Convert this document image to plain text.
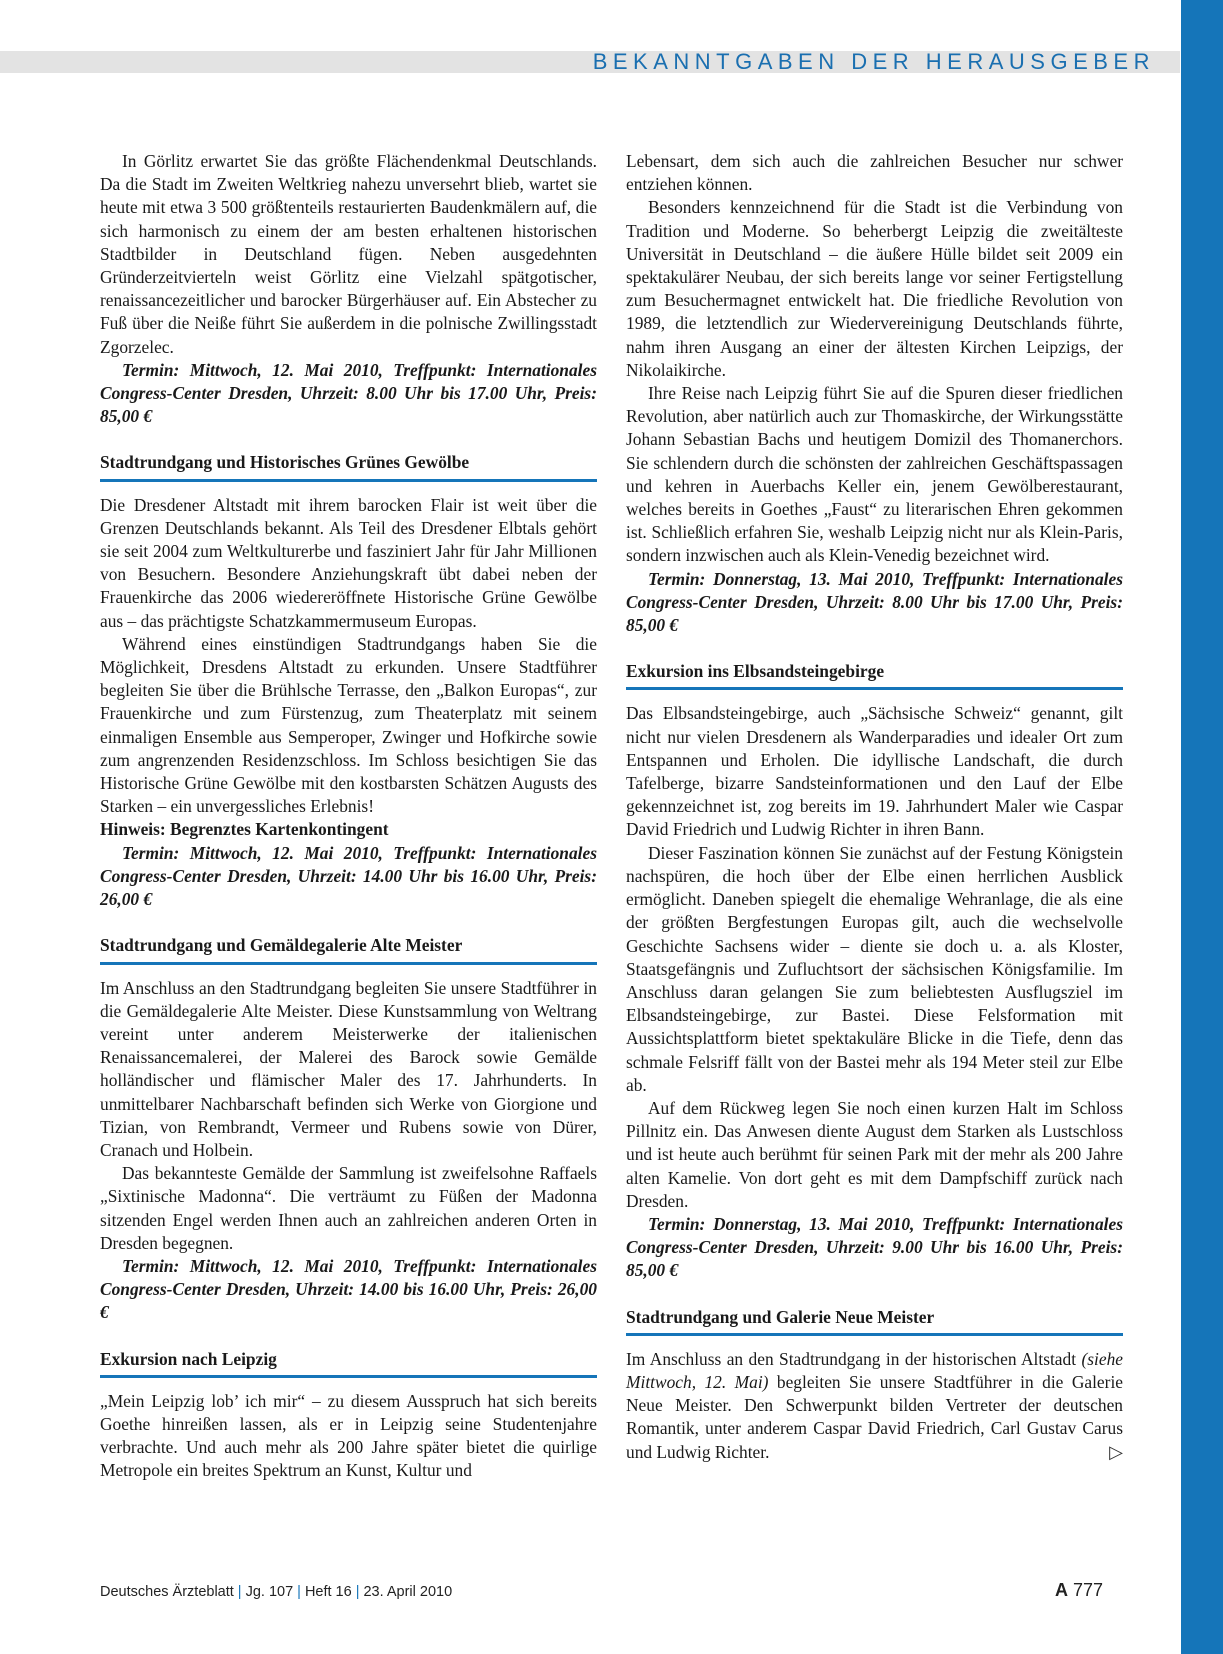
BEKANNTGABEN DER HERAUSGEBER

In Görlitz erwartet Sie das größte Flächendenkmal Deutschlands. Da die Stadt im Zweiten Weltkrieg nahezu unversehrt blieb, wartet sie heute mit etwa 3 500 größtenteils restaurierten Baudenkmälern auf, die sich harmonisch zu einem der am besten erhaltenen historischen Stadtbilder in Deutschland fügen. Neben ausgedehnten Gründerzeitvierteln weist Görlitz eine Vielzahl spätgotischer, renaissancezeitlicher und barocker Bürgerhäuser auf. Ein Abstecher zu Fuß über die Neiße führt Sie außerdem in die polnische Zwillingsstadt Zgorzelec.

Termin: Mittwoch, 12. Mai 2010, Treffpunkt: Internationales Congress-Center Dresden, Uhrzeit: 8.00 Uhr bis 17.00 Uhr, Preis: 85,00 €

Stadtrundgang und Historisches Grünes Gewölbe

Die Dresdener Altstadt mit ihrem barocken Flair ist weit über die Grenzen Deutschlands bekannt. Als Teil des Dresdener Elbtals gehört sie seit 2004 zum Weltkulturerbe und fasziniert Jahr für Jahr Millionen von Besuchern. Besondere Anziehungskraft übt dabei neben der Frauenkirche das 2006 wiedereröffnete Historische Grüne Gewölbe aus – das prächtigste Schatzkammermuseum Europas.

Während eines einstündigen Stadtrundgangs haben Sie die Möglichkeit, Dresdens Altstadt zu erkunden. Unsere Stadtführer begleiten Sie über die Brühlsche Terrasse, den „Balkon Europas“, zur Frauenkirche und zum Fürstenzug, zum Theaterplatz mit seinem einmaligen Ensemble aus Semperoper, Zwinger und Hofkirche sowie zum angrenzenden Residenzschloss. Im Schloss besichtigen Sie das Historische Grüne Gewölbe mit den kostbarsten Schätzen Augusts des Starken – ein unvergessliches Erlebnis!

Hinweis: Begrenztes Kartenkontingent

Termin: Mittwoch, 12. Mai 2010, Treffpunkt: Internationales Congress-Center Dresden, Uhrzeit: 14.00 Uhr bis 16.00 Uhr, Preis: 26,00 €

Stadtrundgang und Gemäldegalerie Alte Meister

Im Anschluss an den Stadtrundgang begleiten Sie unsere Stadtführer in die Gemäldegalerie Alte Meister. Diese Kunstsammlung von Weltrang vereint unter anderem Meisterwerke der italienischen Renaissancemalerei, der Malerei des Barock sowie Gemälde holländischer und flämischer Maler des 17. Jahrhunderts. In unmittelbarer Nachbarschaft befinden sich Werke von Giorgione und Tizian, von Rembrandt, Vermeer und Rubens sowie von Dürer, Cranach und Holbein.

Das bekannteste Gemälde der Sammlung ist zweifelsohne Raffaels „Sixtinische Madonna“. Die verträumt zu Füßen der Madonna sitzenden Engel werden Ihnen auch an zahlreichen anderen Orten in Dresden begegnen.

Termin: Mittwoch, 12. Mai 2010, Treffpunkt: Internationales Congress-Center Dresden, Uhrzeit: 14.00 bis 16.00 Uhr, Preis: 26,00 €

Exkursion nach Leipzig

„Mein Leipzig lob’ ich mir“ – zu diesem Ausspruch hat sich bereits Goethe hinreißen lassen, als er in Leipzig seine Studentenjahre verbrachte. Und auch mehr als 200 Jahre später bietet die quirlige Metropole ein breites Spektrum an Kunst, Kultur und

Lebensart, dem sich auch die zahlreichen Besucher nur schwer entziehen können.

Besonders kennzeichnend für die Stadt ist die Verbindung von Tradition und Moderne. So beherbergt Leipzig die zweitälteste Universität in Deutschland – die äußere Hülle bildet seit 2009 ein spektakulärer Neubau, der sich bereits lange vor seiner Fertigstellung zum Besuchermagnet entwickelt hat. Die friedliche Revolution von 1989, die letztendlich zur Wiedervereinigung Deutschlands führte, nahm ihren Ausgang an einer der ältesten Kirchen Leipzigs, der Nikolaikirche.

Ihre Reise nach Leipzig führt Sie auf die Spuren dieser friedlichen Revolution, aber natürlich auch zur Thomaskirche, der Wirkungsstätte Johann Sebastian Bachs und heutigem Domizil des Thomanerchors. Sie schlendern durch die schönsten der zahlreichen Geschäftspassagen und kehren in Auerbachs Keller ein, jenem Gewölberestaurant, welches bereits in Goethes „Faust“ zu literarischen Ehren gekommen ist. Schließlich erfahren Sie, weshalb Leipzig nicht nur als Klein-Paris, sondern inzwischen auch als Klein-Venedig bezeichnet wird.

Termin: Donnerstag, 13. Mai 2010, Treffpunkt: Internationales Congress-Center Dresden, Uhrzeit: 8.00 Uhr bis 17.00 Uhr, Preis: 85,00 €

Exkursion ins Elbsandsteingebirge

Das Elbsandsteingebirge, auch „Sächsische Schweiz“ genannt, gilt nicht nur vielen Dresdenern als Wanderparadies und idealer Ort zum Entspannen und Erholen. Die idyllische Landschaft, die durch Tafelberge, bizarre Sandsteinformationen und den Lauf der Elbe gekennzeichnet ist, zog bereits im 19. Jahrhundert Maler wie Caspar David Friedrich und Ludwig Richter in ihren Bann.

Dieser Faszination können Sie zunächst auf der Festung Königstein nachspüren, die hoch über der Elbe einen herrlichen Ausblick ermöglicht. Daneben spiegelt die ehemalige Wehranlage, die als eine der größten Bergfestungen Europas gilt, auch die wechselvolle Geschichte Sachsens wider – diente sie doch u. a. als Kloster, Staatsgefängnis und Zufluchtsort der sächsischen Königsfamilie. Im Anschluss daran gelangen Sie zum beliebtesten Ausflugsziel im Elbsandsteingebirge, zur Bastei. Diese Felsformation mit Aussichtsplattform bietet spektakuläre Blicke in die Tiefe, denn das schmale Felsriff fällt von der Bastei mehr als 194 Meter steil zur Elbe ab.

Auf dem Rückweg legen Sie noch einen kurzen Halt im Schloss Pillnitz ein. Das Anwesen diente August dem Starken als Lustschloss und ist heute auch berühmt für seinen Park mit der mehr als 200 Jahre alten Kamelie. Von dort geht es mit dem Dampfschiff zurück nach Dresden.

Termin: Donnerstag, 13. Mai 2010, Treffpunkt: Internationales Congress-Center Dresden, Uhrzeit: 9.00 Uhr bis 16.00 Uhr, Preis: 85,00 €

Stadtrundgang und Galerie Neue Meister

Im Anschluss an den Stadtrundgang in der historischen Altstadt (siehe Mittwoch, 12. Mai) begleiten Sie unsere Stadtführer in die Galerie Neue Meister. Den Schwerpunkt bilden Vertreter der deutschen Romantik, unter anderem Caspar David Friedrich, Carl Gustav Carus und Ludwig Richter.	▷

Deutsches Ärzteblatt | Jg. 107 | Heft 16 | 23. April 2010	A 777
